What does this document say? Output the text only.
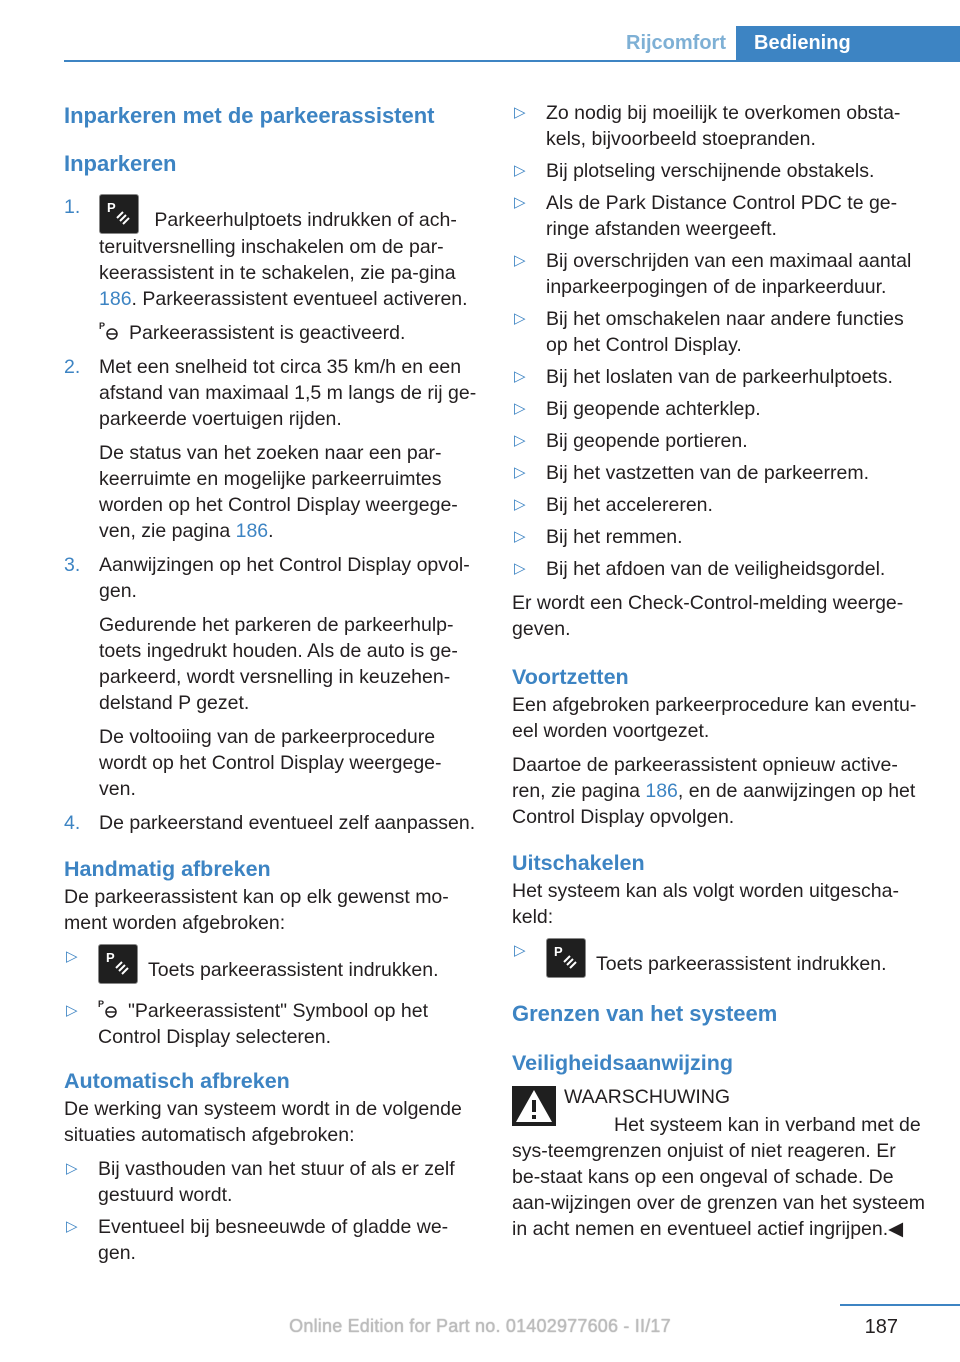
Rijcomfort	Bediening
Inparkeren met de parkeerassistent
Inparkeren
1. P
Parkeerhulptoets indrukken of ach-teruitversnelling inschakelen om de par-keerassistent in te schakelen, zie pa-gina 186. Parkeerassistent eventueel activeren.

P Parkeerassistent is geactiveerd.

2. Met een snelheid tot circa 35 km/h en een afstand van maximaal 1,5 m langs de rij ge-parkeerde voertuigen rijden.

De status van het zoeken naar een par-keerruimte en mogelijke parkeerruimtes worden op het Control Display weergege-ven, zie pagina 186.

3. Aanwijzingen op het Control Display opvol-gen.

Gedurende het parkeren de parkeerhulp-toets ingedrukt houden. Als de auto is ge-parkeerd, wordt versnelling in keuzehen-delstand P gezet.

De voltooiing van de parkeerprocedure wordt op het Control Display weergege-ven.

4. De parkeerstand eventueel zelf aanpassen.
Handmatig afbreken

De parkeerassistent kan op elk gewenst mo-ment worden afgebroken:

▷ P
Toets parkeerassistent indrukken.
▷ P "Parkeerassistent" Symbool op het Control Display selecteren.
Automatisch afbreken

De werking van systeem wordt in de volgende situaties automatisch afgebroken:

▷ Bij vasthouden van het stuur of als er zelf gestuurd wordt.
▷ Eventueel bij besneeuwde of gladde we-gen.
▷ Zo nodig bij moeilijk te overkomen obsta-kels, bijvoorbeeld stoepranden.
▷ Bij plotseling verschijnende obstakels.
▷ Als de Park Distance Control PDC te ge-ringe afstanden weergeeft.
▷ Bij overschrijden van een maximaal aantal inparkeerpogingen of de inparkeerduur.
▷ Bij het omschakelen naar andere functies op het Control Display.
▷ Bij het loslaten van de parkeerhulptoets.
▷ Bij geopende achterklep.
▷ Bij geopende portieren.
▷ Bij het vastzetten van de parkeerrem.
▷ Bij het accelereren.
▷ Bij het remmen.
▷ Bij het afdoen van de veiligheidsgordel.

Er wordt een Check-Control-melding weerge-geven.

Voortzetten

Een afgebroken parkeerprocedure kan eventu-eel worden voortgezet.

Daartoe de parkeerassistent opnieuw active-ren, zie pagina 186, en de aanwijzingen op het Control Display opvolgen.

Uitschakelen

Het systeem kan als volgt worden uitgescha-keld:

▷ P
Toets parkeerassistent indrukken.
Grenzen van het systeem
Veiligheidsaanwijzing

WAARSCHUWING

Het systeem kan in verband met de sys-teemgrenzen onjuist of niet reageren. Er be-staat kans op een ongeval of schade. De aan-wijzingen over de grenzen van het systeem in acht nemen en eventueel actief ingrijpen.◀

187
Online Edition for Part no. 01402977606 - II/17
